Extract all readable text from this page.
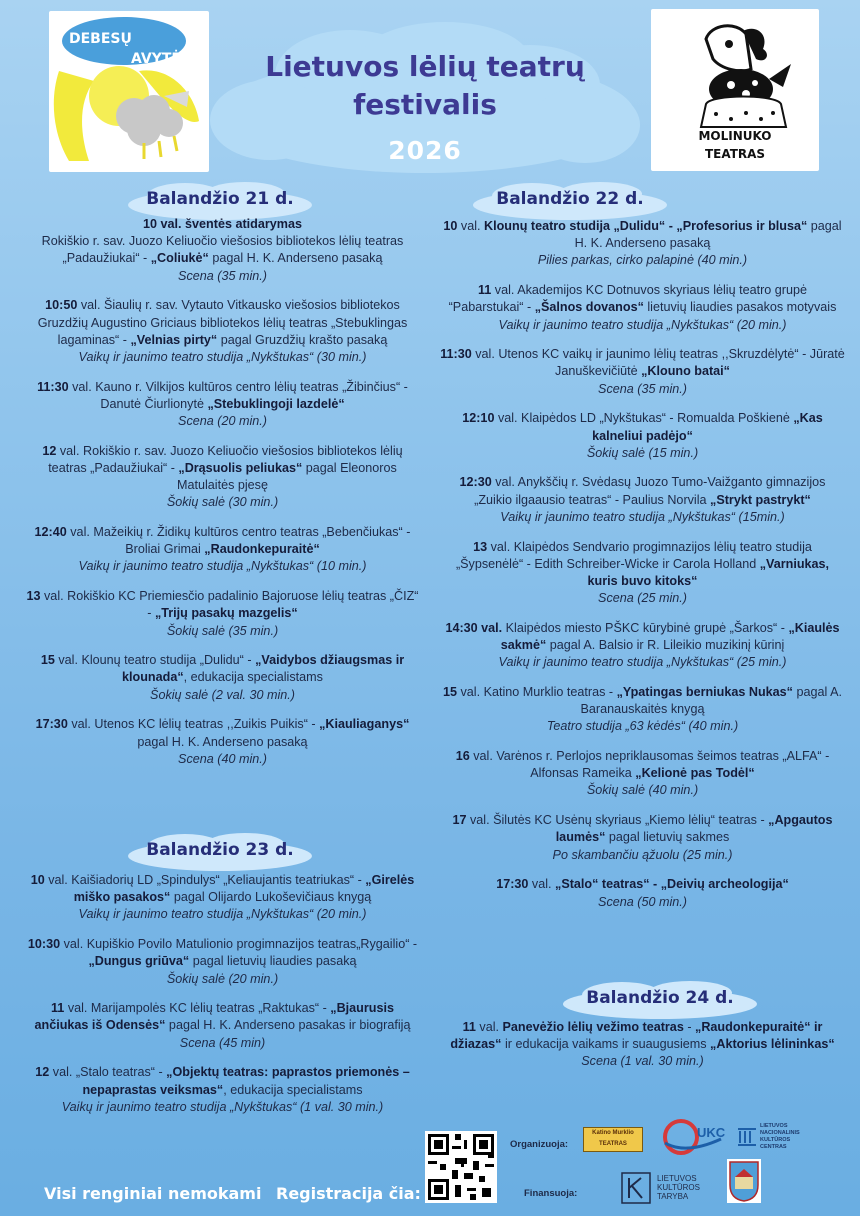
DEBESŲ
AVYTĖ
MOLINUKO
TEATRAS
Lietuvos lėlių teatrų
festivalis
2026
Balandžio 21 d.	Balandžio 22 d.
Balandžio 23 d.
Balandžio 24 d.
10 val. šventės atidarymas
Rokiškio r. sav. Juozo Keliuočio viešosios bibliotekos lėlių teatras „Padaužiukai“ - „Coliukė“ pagal H. K. Anderseno pasaką
Scena (35 min.)
10:50 val. Šiaulių r. sav. Vytauto Vitkausko viešosios bibliotekos Gruzdžių Augustino Griciaus bibliotekos lėlių teatras „Stebuklingas lagaminas“ - „Velnias pirty“ pagal Gruzdžių krašto pasaką
Vaikų ir jaunimo teatro studija „Nykštukas“ (30 min.)
11:30 val. Kauno r. Vilkijos kultūros centro lėlių teatras „Žibinčius“ - Danutė Čiurlionytė „Stebuklingoji lazdelė“
Scena (20 min.)
12 val. Rokiškio r. sav. Juozo Keliuočio viešosios bibliotekos lėlių teatras „Padaužiukai“ - „Drąsuolis peliukas“ pagal Eleonoros Matulaitės pjesę
Šokių salė (30 min.)
12:40 val. Mažeikių r. Židikų kultūros centro teatras „Bebenčiukas“ - Broliai Grimai „Raudonkepuraitė“
Vaikų ir jaunimo teatro studija „Nykštukas“ (10 min.)
13 val. Rokiškio KC Priemiesčio padalinio Bajoruose lėlių teatras „ČIZ“ - „Trijų pasakų mazgelis“
Šokių salė (35 min.)
15 val. Klounų teatro studija „Dulidu“ - „Vaidybos džiaugsmas ir klounada“, edukacija specialistams
Šokių salė (2 val. 30 min.)
17:30 val. Utenos KC lėlių teatras ,,Zuikis Puikis“ - „Kiauliaganys“ pagal H. K. Anderseno pasaką
Scena (40 min.)
10 val. Kaišiadorių LD „Spindulys“ „Keliaujantis teatriukas“ - „Girelės miško pasakos“ pagal Olijardo Lukoševičiaus knygą
Vaikų ir jaunimo teatro studija „Nykštukas“ (20 min.)
10:30 val. Kupiškio Povilo Matulionio progimnazijos teatras„Rygailio“ - „Dungus griūva“ pagal lietuvių liaudies pasaką
Šokių salė (20 min.)
11 val. Marijampolės KC lėlių teatras „Raktukas“ - „Bjaurusis ančiukas iš Odensės“ pagal H. K. Anderseno pasakas ir biografiją
Scena (45 min)
12 val. „Stalo teatras“ - „Objektų teatras: paprastos priemonės – nepaprastas veiksmas“, edukacija specialistams
Vaikų ir jaunimo teatro studija „Nykštukas“ (1 val. 30 min.)
10 val. Klounų teatro studija „Dulidu“ - „Profesorius ir blusa“ pagal H. K. Anderseno pasaką
Pilies parkas, cirko palapinė (40 min.)
11 val. Akademijos KC Dotnuvos skyriaus lėlių teatro grupė “Pabarstukai“ - „Šalnos dovanos“ lietuvių liaudies pasakos motyvais
Vaikų ir jaunimo teatro studija „Nykštukas“ (20 min.)
11:30 val. Utenos KC vaikų ir jaunimo lėlių teatras ,,Skruzdėlytė“ - Jūratė Januškevičiūtė „Klouno batai“
Scena (35 min.)
12:10 val. Klaipėdos LD „Nykštukas“ - Romualda Poškienė „Kas kalneliui padėjo“
Šokių salė (15 min.)
12:30 val. Anykščių r. Svėdasų Juozo Tumo-Vaižganto gimnazijos „Zuikio ilgaausio teatras“ - Paulius Norvila „Strykt pastrykt“
Vaikų ir jaunimo teatro studija „Nykštukas“ (15min.)
13 val. Klaipėdos Sendvario progimnazijos lėlių teatro studija „Šypsenėlė“ - Edith Schreiber-Wicke ir Carola Holland „Varniukas, kuris buvo kitoks“
Scena (25 min.)
14:30 val. Klaipėdos miesto PŠKC kūrybinė grupė „Šarkos“ - „Kiaulės sakmė“ pagal A. Balsio ir R. Lileikio muzikinį kūrinį
Vaikų ir jaunimo teatro studija „Nykštukas“ (25 min.)
15 val. Katino Murklio teatras - „Ypatingas berniukas Nukas“ pagal A. Baranauskaitės knygą
Teatro studija „63 kėdės“ (40 min.)
16 val. Varėnos r. Perlojos nepriklausomas šeimos teatras „ALFA“ - Alfonsas Rameika „Kelionė pas Todėl“
Šokių salė (40 min.)
17 val. Šilutės KC Usėnų skyriaus „Kiemo lėlių“ teatras - „Apgautos laumės“ pagal lietuvių sakmes
Po skambančiu ąžuolu (25 min.)
17:30 val. „Stalo“ teatras“ - „Deivių archeologija“
Scena (50 min.)
11 val. Panevėžio lėlių vežimo teatras - „Raudonkepuraitė“ ir džiazas“ ir edukacija vaikams ir suaugusiems „Aktorius lėlininkas“
Scena (1 val. 30 min.)
Visi renginiai nemokami Registracija čia:
Organizuoja:
Finansuoja:
Katino Murklio TEATRAS
UKC	LIETUVOS NACIONALINIS KULTŪROS CENTRAS
LIETUVOS
KULTŪROS
TARYBA
